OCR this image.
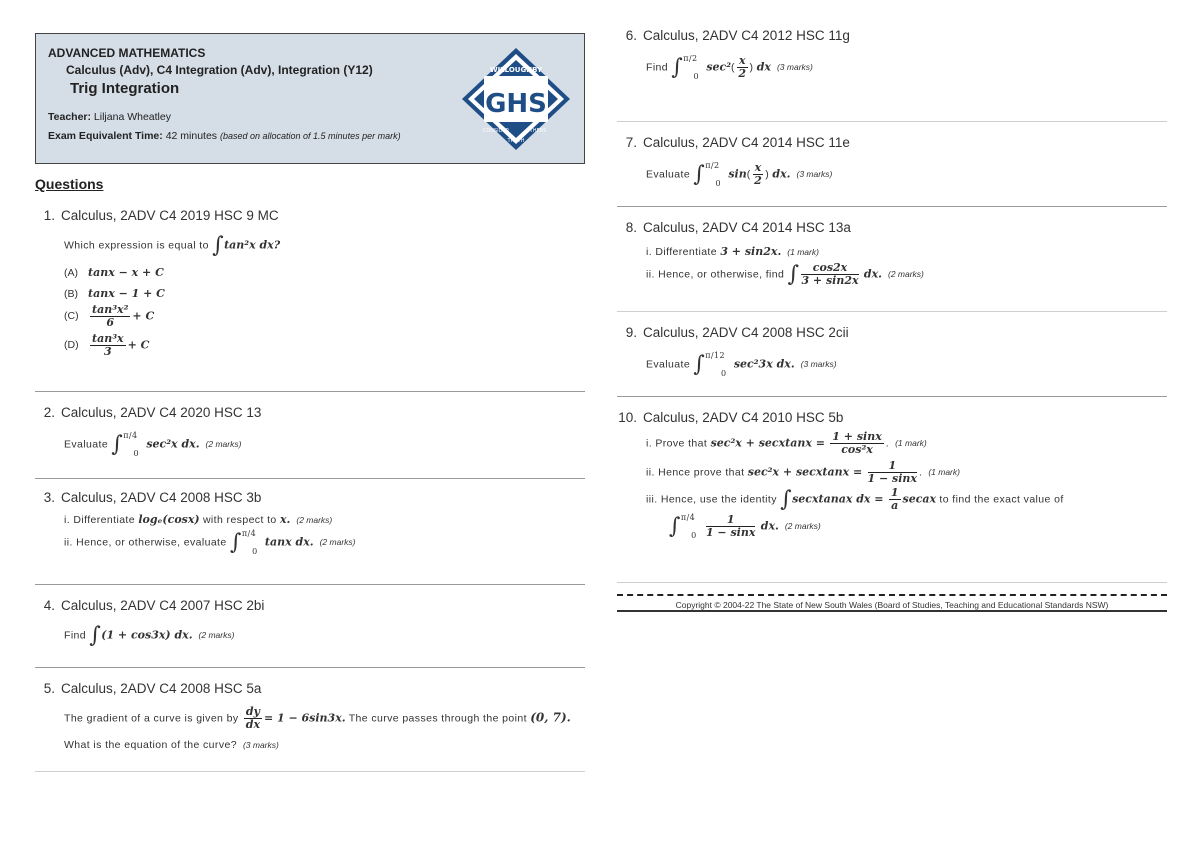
ADVANCED MATHEMATICS
Calculus (Adv), C4 Integration (Adv), Integration (Y12)
Trig Integration
Teacher: Liljana Wheatley
Exam Equivalent Time: 42 minutes (based on allocation of 1.5 minutes per mark)
GHS
WILLOUGHBY
CONSIDER	OTHERS
TRUTH
Questions
1. Calculus, 2ADV C4 2019 HSC 9 MC
Which expression is equal to ∫tan²x dx?
(A) tanx − x + C
(B) tanx − 1 + C
$(C) \frac{\text{tan³x²}}{6} + C$
$(D) \frac{\text{tan³x}}{3} + C$
2. Calculus, 2ADV C4 2020 HSC 13
Evaluate ∫π/40 sec²x dx. (2 marks)
3. Calculus, 2ADV C4 2008 HSC 3b
i. Differentiate logₑ(cosx) with respect to x. (2 marks)
ii. Hence, or otherwise, evaluate ∫π/40 tanx dx. (2 marks)
4. Calculus, 2ADV C4 2007 HSC 2bi
Find ∫(1 + cos3x) dx. (2 marks)
5. Calculus, 2ADV C4 2008 HSC 5a
The gradient of a curve is given by $\frac{dy}{dx} = 1 - 6\sin 3x$. The curve passes through the point (0, 7).
What is the equation of the curve? (3 marks)
6. Calculus, 2ADV C4 2012 HSC 11g
Find ∫π/20 $\sec^2( \frac{x}{2}$ ) dx (3 marks)
7. Calculus, 2ADV C4 2014 HSC 11e
Evaluate ∫π/20 $\sin( \frac{x}{2}$ ) dx. (3 marks)
8. Calculus, 2ADV C4 2014 HSC 13a
i. Differentiate 3 + sin2x. (1 mark)
ii. Hence, or otherwise, find ∫ $\frac{\cos 2x}{3 + \sin 2x}$ dx. (2 marks)
9. Calculus, 2ADV C4 2008 HSC 2cii
Evaluate ∫π/120 sec²3x dx. (3 marks)
10. Calculus, 2ADV C4 2010 HSC 5b
i. Prove that sec²x + secxtanx = $\frac{1 + \sin x}{\text{cos²x}}$ . (1 mark)
ii. Hence prove that sec²x + secxtanx = $\frac{1}{1 - \sin x}$ . (1 mark)
iii. Hence, use the identity ∫secxtanax dx = $\frac{1}{a}$ secax to find the exact value of
$\int\pi/40 \frac{1}{1 - \sin x}$ dx. (2 marks)
Copyright © 2004-22 The State of New South Wales (Board of Studies, Teaching and Educational Standards NSW)
